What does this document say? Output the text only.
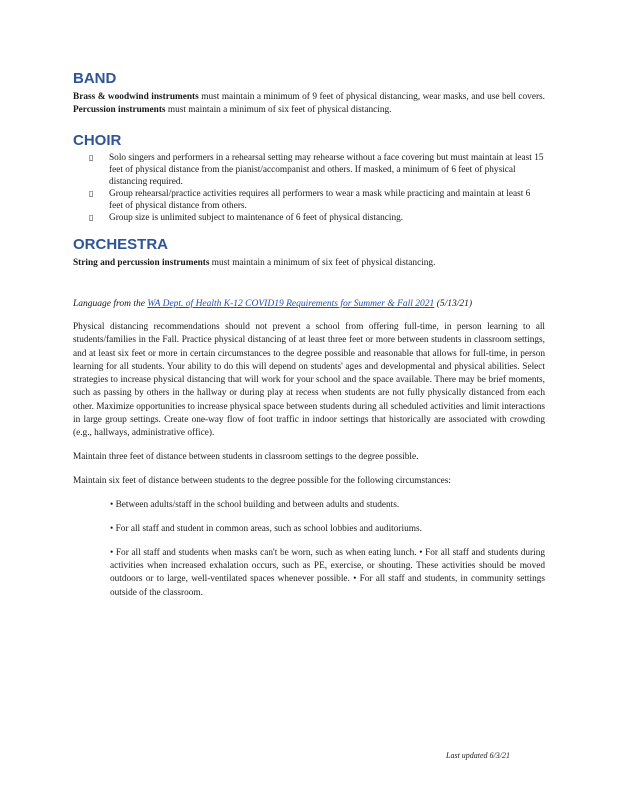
BAND

Brass & woodwind instruments must maintain a minimum of 9 feet of physical distancing, wear masks, and use bell covers. Percussion instruments must maintain a minimum of six feet of physical distancing.

CHOIR
▯ Solo singers and performers in a rehearsal setting may rehearse without a face covering but must maintain at least 15 feet of physical distance from the pianist/accompanist and others. If masked, a minimum of 6 feet of physical distancing required.
▯ Group rehearsal/practice activities requires all performers to wear a mask while practicing and maintain at least 6 feet of physical distance from others.
▯ Group size is unlimited subject to maintenance of 6 feet of physical distancing.
ORCHESTRA

String and percussion instruments must maintain a minimum of six feet of physical distancing.

Language from the WA Dept. of Health K-12 COVID19 Requirements for Summer & Fall 2021 (5/13/21)

Physical distancing recommendations should not prevent a school from offering full-time, in person learning to all students/families in the Fall. Practice physical distancing of at least three feet or more between students in classroom settings, and at least six feet or more in certain circumstances to the degree possible and reasonable that allows for full-time, in person learning for all students. Your ability to do this will depend on students' ages and developmental and physical abilities. Select strategies to increase physical distancing that will work for your school and the space available. There may be brief moments, such as passing by others in the hallway or during play at recess when students are not fully physically distanced from each other. Maximize opportunities to increase physical space between students during all scheduled activities and limit interactions in large group settings. Create one-way flow of foot traffic in indoor settings that historically are associated with crowding (e.g., hallways, administrative office).

Maintain three feet of distance between students in classroom settings to the degree possible.

Maintain six feet of distance between students to the degree possible for the following circumstances:

• Between adults/staff in the school building and between adults and students.

• For all staff and student in common areas, such as school lobbies and auditoriums.

• For all staff and students when masks can't be worn, such as when eating lunch. • For all staff and students during activities when increased exhalation occurs, such as PE, exercise, or shouting. These activities should be moved outdoors or to large, well-ventilated spaces whenever possible. • For all staff and students, in community settings outside of the classroom.

Last updated 6/3/21
